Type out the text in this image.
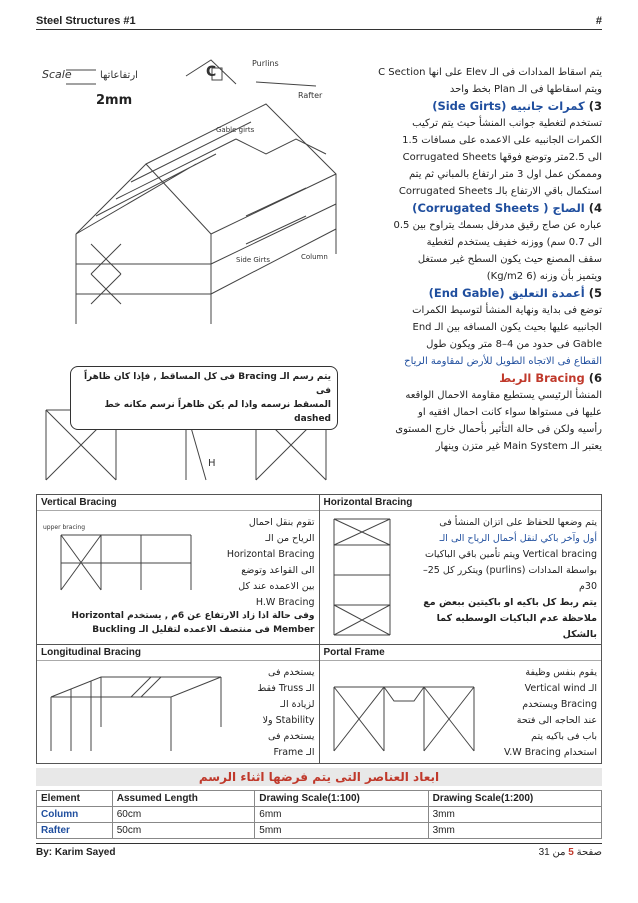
Steel Structures #1	#
Scale	ارتفاعاتها
2mm
Purlins
C
Rafter
Column
Side Girts
Gable girts
H

يتم اسقاط المدادات فى الـ Elev على انها C Section

ويتم اسقاطها فى الـ Plan بخط واحد

3)كمرات جانبيه (Side Girts)

تستخدم لتغطية جوانب المنشأ حيث يتم تركيب

الكمرات الجانبيه على الاعمده على مسافات 1.5

الى 2.5متر وتوضع فوقها Corrugated Sheets

ومممكن عمل اول 3 متر ارتفاع بالمباني ثم يتم

استكمال باقي الارتفاع بالـ Corrugated Sheets

4)الصاج ( Corrugated Sheets)

عباره عن صاج رقيق مدرفل بسمك يتراوح بين 0.5

الى 0.7 سم) ووزنه خفيف يستخدم لتغطية

سقف المصنع حيث يكون السطح غير مستغل

ويتميز بأن وزنه (6 Kg/m2)

5)أعمدة التعليق (End Gable)

توضع فى بداية ونهاية المنشأ لتوسيط الكمرات

الجانبيه عليها بحيث يكون المسافه بين الـ End

Gable فى حدود من 4–8 متر ويكون طول

القطاع فى الاتجاه الطويل للأرض لمقاومة الرياح

6)Bracing الربط

المنشأ الرئيسي يستطيع مقاومة الاحمال الواقعه

عليها فى مستواها سواء كانت احمال افقيه او

رأسيه ولكن فى حالة التأثير بأحمال خارج المستوى

يعتبر الـ Main System غير متزن وينهار

يتم رسم الـ Bracing فى كل المساقط , فإذا كان ظاهراً فى
المسقط نرسمه واذا لم يكن ظاهراً نرسم مكانه خط dashed
Vertical Bracing
upper bracing	تقوم بنقل احمال
الرياح من الـ
Horizontal Bracing
الى القواعد وتوضع
بين الاعمده عند كل
H.W Bracing
وفى حالة اذا زاد الارتفاع عن 6م , يستخدم Horizontal
Member فى منتصف الاعمده لتقليل الـ Buckling
Horizontal Bracing
يتم وضعها للحفاظ على اتزان المنشأ فى
أول وآخر باكي لنقل أحمال الرياح الى الـ
Vertical bracing ويتم تأمين باقي الباكيات
بواسطة المدادات (purlins) ويتكرر كل 25–
30م
يتم ربط كل باكيه او باكيتين ببعض مع
ملاحظة عدم الباكيات الوسطيه كما
بالشكل
Longitudinal Bracing
يستخدم فى
الـ Truss فقط
لزيادة الـ
Stability ولا
يستخدم فى
الـ Frame
Portal Frame
يقوم بنفس وظيفة
الـ Vertical wind
Bracing ويستخدم
عند الحاجه الى فتحة
باب فى باكيه يتم
استخدام V.W Bracing
ابعاد العناصر التى يتم فرضها اثناء الرسم
Element	Assumed Length	Drawing Scale(1:100)	Drawing Scale(1:200)
Column	60cm	6mm	3mm
Rafter	50cm	5mm	3mm
By: Karim Sayed	صفحة 5 من 31
